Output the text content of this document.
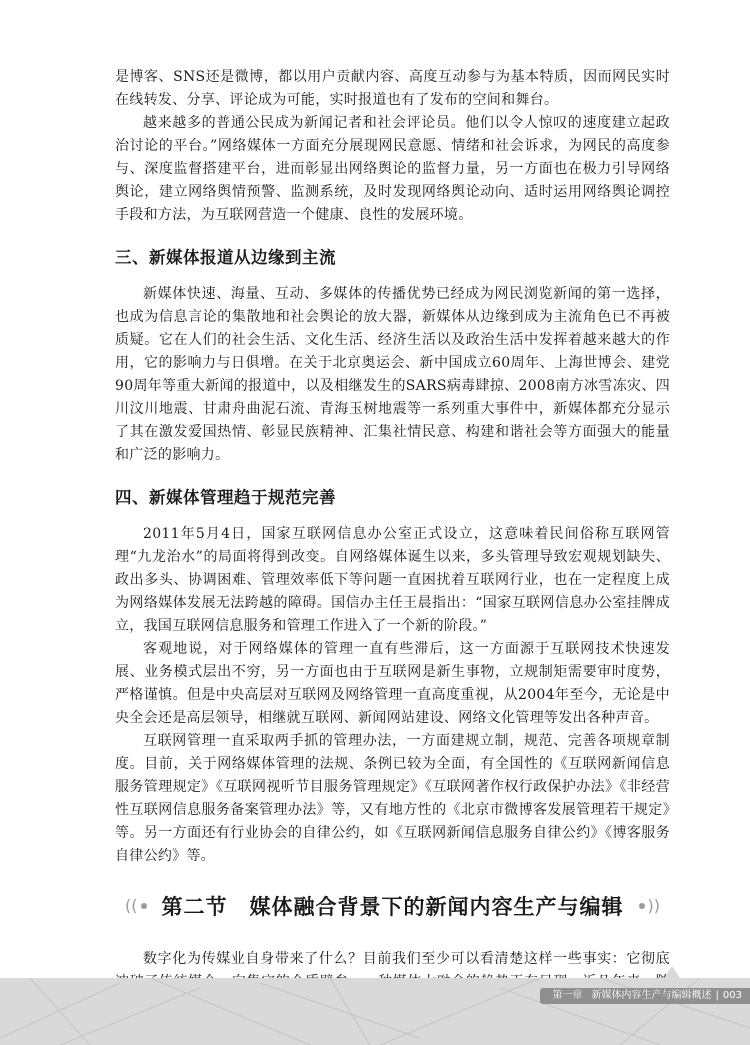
是博客、SNS还是微博，都以用户贡献内容、高度互动参与为基本特质，因而网民实时在线转发、分享、评论成为可能，实时报道也有了发布的空间和舞台。

越来越多的普通公民成为新闻记者和社会评论员。他们以令人惊叹的速度建立起政治讨论的平台。”网络媒体一方面充分展现网民意愿、情绪和社会诉求，为网民的高度参与、深度监督搭建平台，进而彰显出网络舆论的监督力量，另一方面也在极力引导网络舆论，建立网络舆情预警、监测系统，及时发现网络舆论动向、适时运用网络舆论调控手段和方法，为互联网营造一个健康、良性的发展环境。

三、新媒体报道从边缘到主流

新媒体快速、海量、互动、多媒体的传播优势已经成为网民浏览新闻的第一选择，也成为信息言论的集散地和社会舆论的放大器，新媒体从边缘到成为主流角色已不再被质疑。它在人们的社会生活、文化生活、经济生活以及政治生活中发挥着越来越大的作用，它的影响力与日俱增。在关于北京奥运会、新中国成立60周年、上海世博会、建党90周年等重大新闻的报道中，以及相继发生的SARS病毒肆掠、2008南方冰雪冻灾、四川汶川地震、甘肃舟曲泥石流、青海玉树地震等一系列重大事件中，新媒体都充分显示了其在激发爱国热情、彰显民族精神、汇集社情民意、构建和谐社会等方面强大的能量和广泛的影响力。

四、新媒体管理趋于规范完善

2011年5月4日，国家互联网信息办公室正式设立，这意味着民间俗称互联网管理“九龙治水”的局面将得到改变。自网络媒体诞生以来，多头管理导致宏观规划缺失、政出多头、协调困难、管理效率低下等问题一直困扰着互联网行业，也在一定程度上成为网络媒体发展无法跨越的障碍。国信办主任王晨指出：“国家互联网信息办公室挂牌成立，我国互联网信息服务和管理工作进入了一个新的阶段。”

客观地说，对于网络媒体的管理一直有些滞后，这一方面源于互联网技术快速发展、业务模式层出不穷，另一方面也由于互联网是新生事物，立规制矩需要审时度势，严格谨慎。但是中央高层对互联网及网络管理一直高度重视，从2004年至今，无论是中央全会还是高层领导，相继就互联网、新闻网站建设、网络文化管理等发出各种声音。

互联网管理一直采取两手抓的管理办法，一方面建规立制，规范、完善各项规章制度。目前，关于网络媒体管理的法规、条例已较为全面，有全国性的《互联网新闻信息服务管理规定》《互联网视听节目服务管理规定》《互联网著作权行政保护办法》《非经营性互联网信息服务备案管理办法》等，又有地方性的《北京市微博客发展管理若干规定》等。另一方面还有行业协会的自律公约，如《互联网新闻信息服务自律公约》《博客服务自律公约》等。

( ( 第二节 媒体融合背景下的新闻内容生产与编辑 ) )

数字化为传媒业自身带来了什么？目前我们至少可以看清楚这样一些事实：它彻底

第一章 新媒体内容生产与编辑概述 | 003
